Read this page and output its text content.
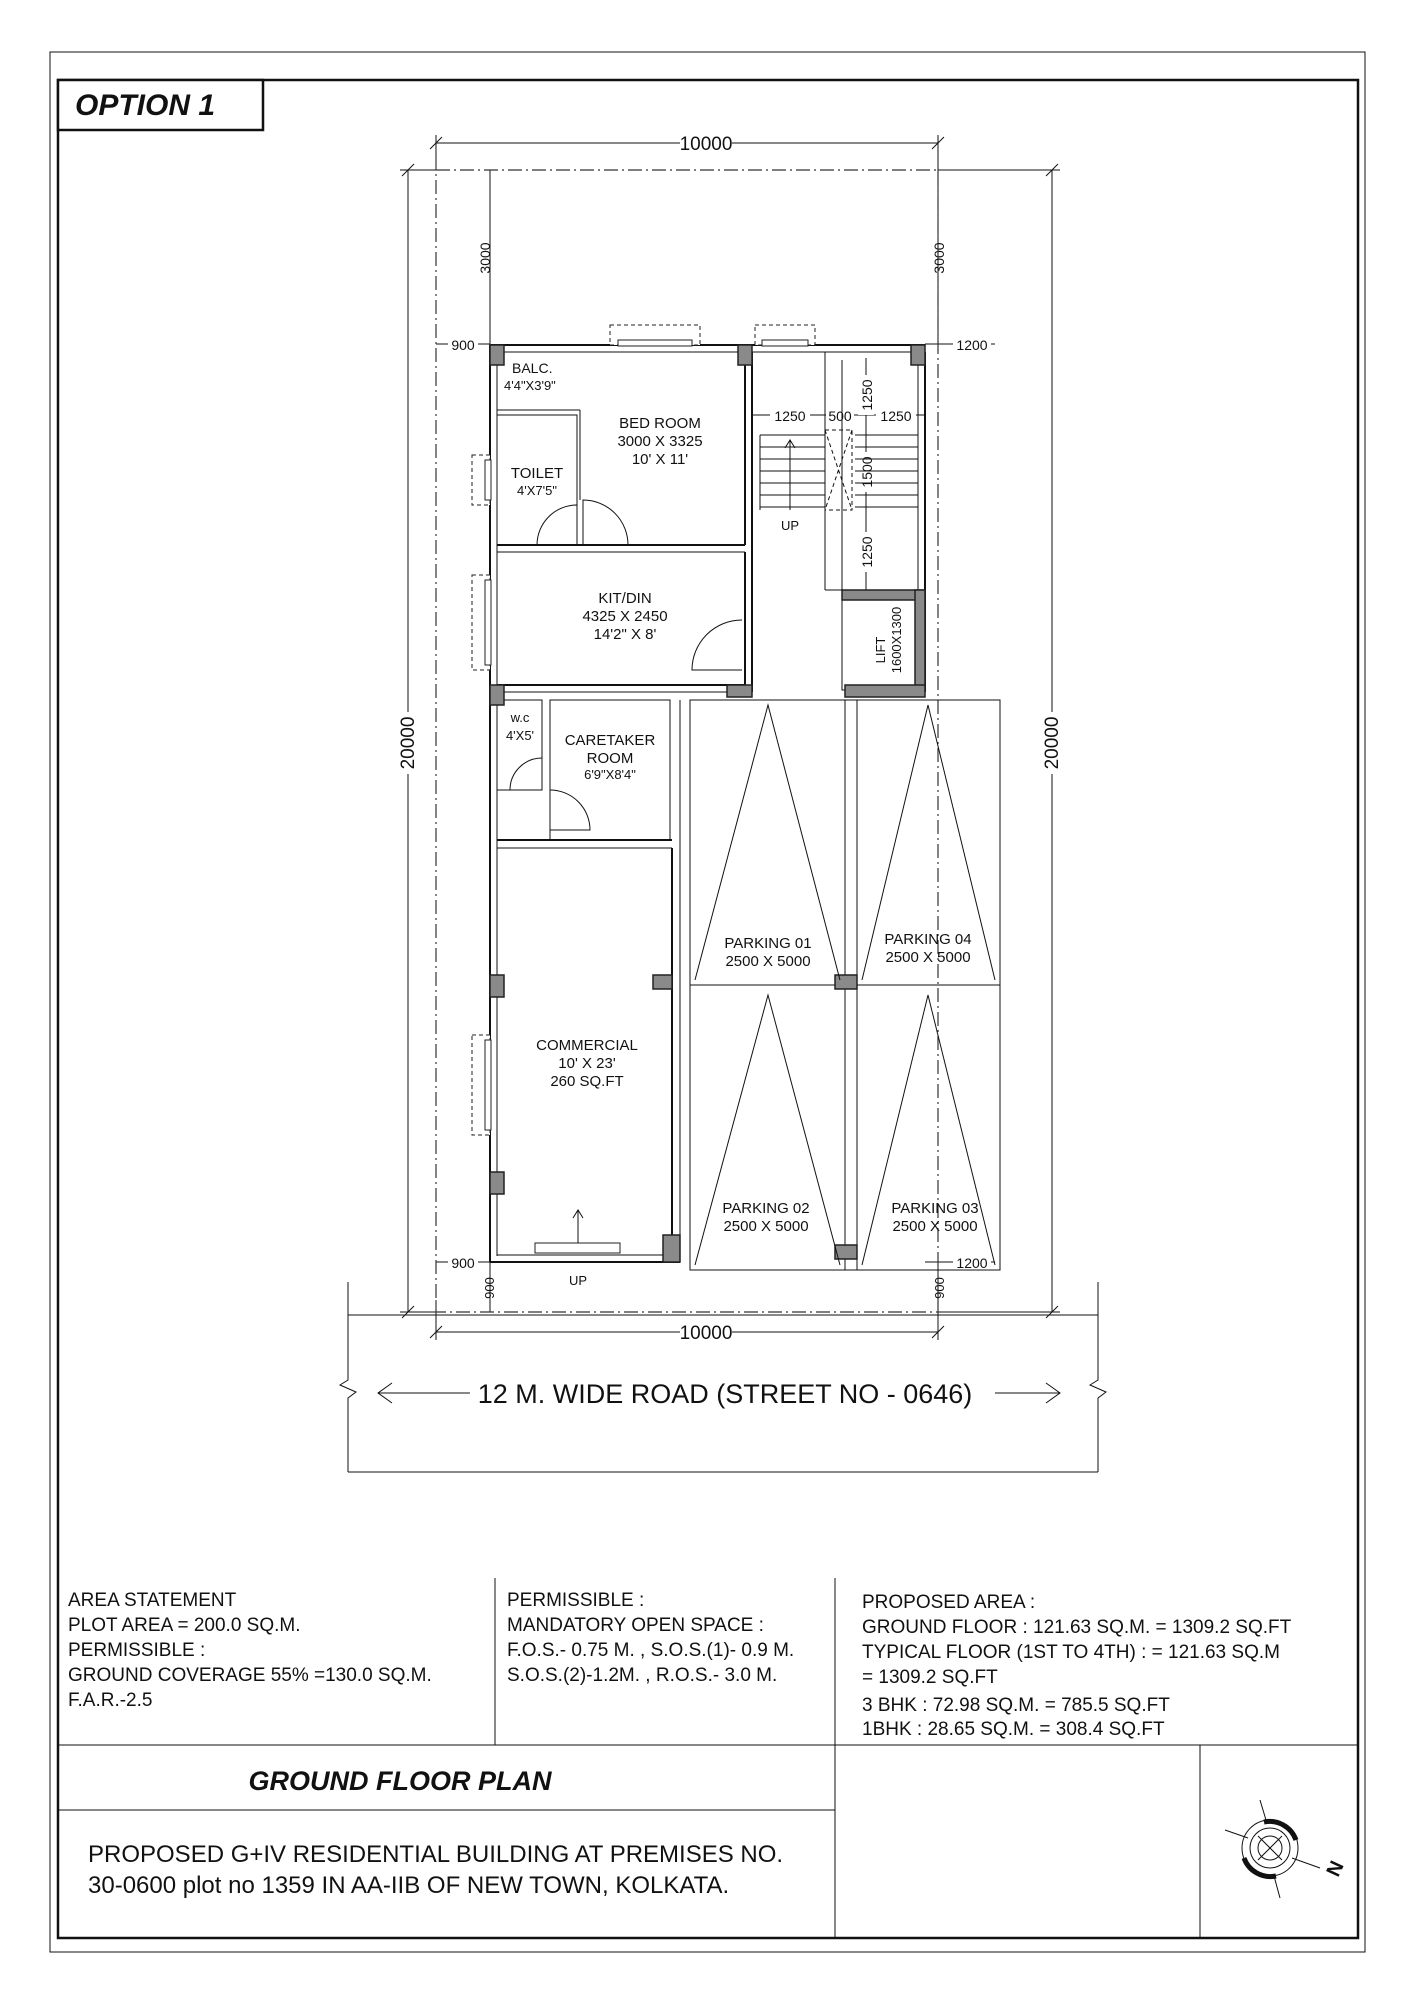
OPTION 1
10000
10000
20000	20000
3000	3000
900	1200
900	1200
900	900
1250 500 1250
1250
1500
1250
BALC.
4'4"X3'9"
BED ROOM
3000 X 3325
10' X 11'
TOILET
4'X7'5"
KIT/DIN
4325 X 2450
14'2" X 8'
w.c
4'X5' CARETAKER
ROOM
6'9"X8'4"
COMMERCIAL
10' X 23'
260 SQ.FT
LIFT 1600X1300
UP
UP
PARKING 01
2500 X 5000
PARKING 04
2500 X 5000
PARKING 02
2500 X 5000
PARKING 03
2500 X 5000
12 M. WIDE ROAD (STREET NO - 0646)
AREA STATEMENT
PLOT AREA = 200.0 SQ.M.
PERMISSIBLE :
GROUND COVERAGE 55% =130.0 SQ.M.
F.A.R.-2.5
PERMISSIBLE :
MANDATORY OPEN SPACE :
F.O.S.- 0.75 M. , S.O.S.(1)- 0.9 M.
S.O.S.(2)-1.2M. , R.O.S.- 3.0 M.
PROPOSED AREA :
GROUND FLOOR : 121.63 SQ.M. = 1309.2 SQ.FT
TYPICAL FLOOR (1ST TO 4TH) : = 121.63 SQ.M
= 1309.2 SQ.FT
3 BHK : 72.98 SQ.M. = 785.5 SQ.FT
1BHK : 28.65 SQ.M. = 308.4 SQ.FT
GROUND FLOOR PLAN
PROPOSED G+IV RESIDENTIAL BUILDING AT PREMISES NO.
30-0600 plot no 1359 IN AA-IIB OF NEW TOWN, KOLKATA.
N
